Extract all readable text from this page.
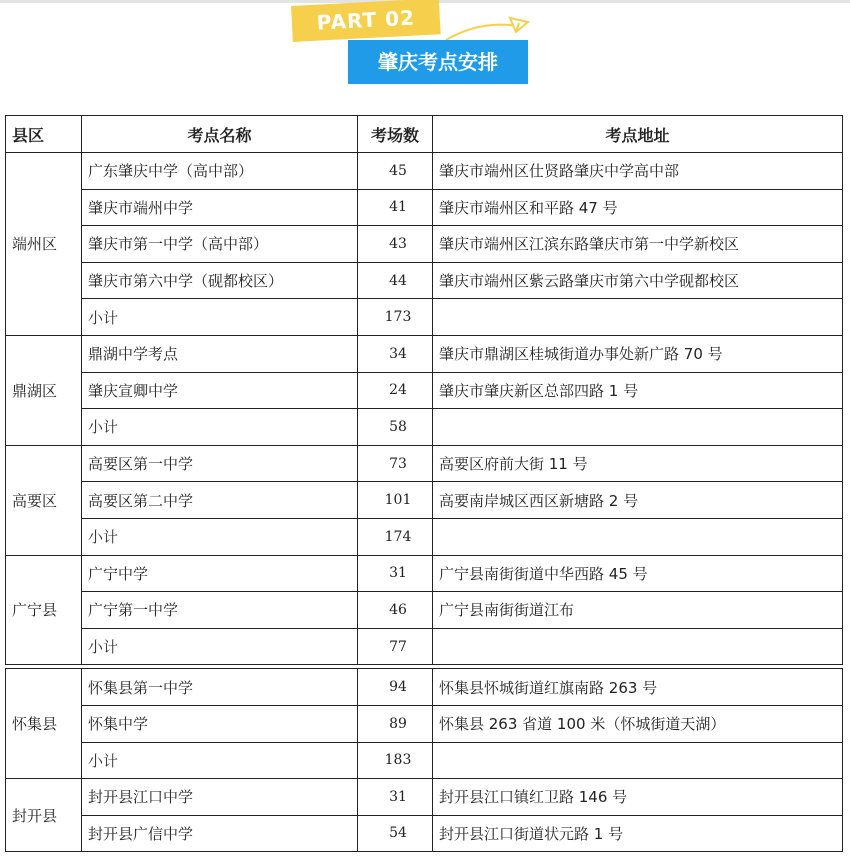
PART 02
肇庆考点安排
县区	考点名称	考场数	考点地址
端州区	广东肇庆中学（高中部）	45	肇庆市端州区仕贤路肇庆中学高中部
	肇庆市端州中学	41	肇庆市端州区和平路 47 号
	肇庆市第一中学（高中部）	43	肇庆市端州区江滨东路肇庆市第一中学新校区
	肇庆市第六中学（砚都校区）	44	肇庆市端州区紫云路肇庆市第六中学砚都校区
	小计	173	
鼎湖区	鼎湖中学考点	34	肇庆市鼎湖区桂城街道办事处新广路 70 号
	肇庆宣卿中学	24	肇庆市肇庆新区总部四路 1 号
	小计	58	
高要区	高要区第一中学	73	高要区府前大街 11 号
	高要区第二中学	101	高要南岸城区西区新塘路 2 号
	小计	174	
广宁县	广宁中学	31	广宁县南街街道中华西路 45 号
	广宁第一中学	46	广宁县南街街道江布
	小计	77	

怀集县	怀集县第一中学	94	怀集县怀城街道红旗南路 263 号
	怀集中学	89	怀集县 263 省道 100 米（怀城街道天湖）
	小计	183	
封开县	封开县江口中学	31	封开县江口镇红卫路 146 号
	封开县广信中学	54	封开县江口街道状元路 1 号
